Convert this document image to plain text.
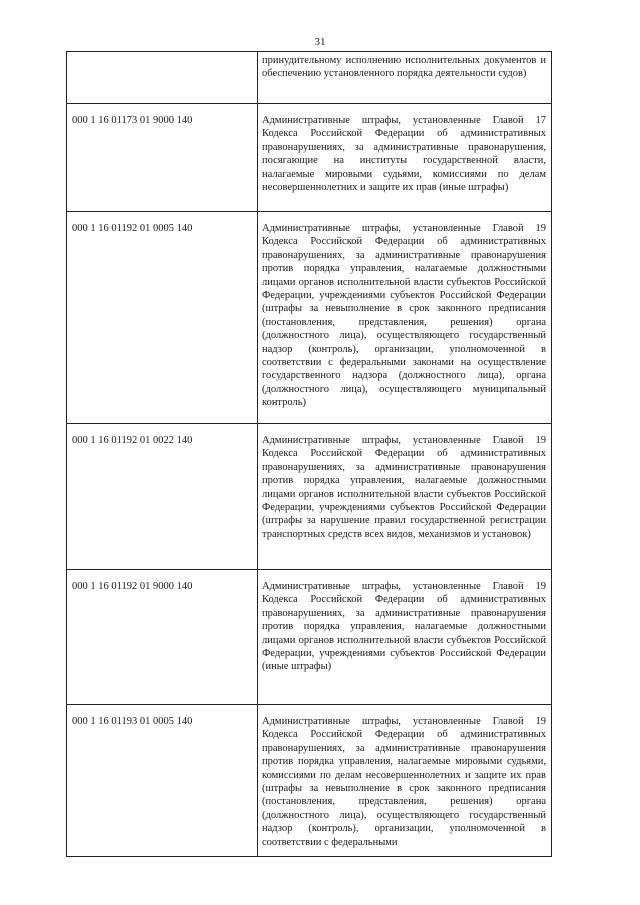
31
	принудительному исполнению исполнительных документов и обеспечению установленного порядка деятельности судов)
000 1 16 01173 01 9000 140	Административные штрафы, установленные Главой 17 Кодекса Российской Федерации об административных правонарушениях, за административные правонарушения, посягающие на институты государственной власти, налагаемые мировыми судьями, комиссиями по делам несовершеннолетних и защите их прав (иные штрафы)
000 1 16 01192 01 0005 140	Административные штрафы, установленные Главой 19 Кодекса Российской Федерации об административных правонарушениях, за административные правонарушения против порядка управления, налагаемые должностными лицами органов исполнительной власти субъектов Российской Федерации, учреждениями субъектов Российской Федерации (штрафы за невыполнение в срок законного предписания (постановления, представления, решения) органа (должностного лица), осуществляющего государственный надзор (контроль), организации, уполномоченной в соответствии с федеральными законами на осуществление государственного надзора (должностного лица), органа (должностного лица), осуществляющего муниципальный контроль)
000 1 16 01192 01 0022 140	Административные штрафы, установленные Главой 19 Кодекса Российской Федерации об административных правонарушениях, за административные правонарушения против порядка управления, налагаемые должностными лицами органов исполнительной власти субъектов Российской Федерации, учреждениями субъектов Российской Федерации (штрафы за нарушение правил государственной регистрации транспортных средств всех видов, механизмов и установок)
000 1 16 01192 01 9000 140	Административные штрафы, установленные Главой 19 Кодекса Российской Федерации об административных правонарушениях, за административные правонарушения против порядка управления, налагаемые должностными лицами органов исполнительной власти субъектов Российской Федерации, учреждениями субъектов Российской Федерации (иные штрафы)
000 1 16 01193 01 0005 140	Административные штрафы, установленные Главой 19 Кодекса Российской Федерации об административных правонарушениях, за административные правонарушения против порядка управления, налагаемые мировыми судьями, комиссиями по делам несовершеннолетних и защите их прав (штрафы за невыполнение в срок законного предписания (постановления, представления, решения) органа (должностного лица), осуществляющего государственный надзор (контроль), организации, уполномоченной в соответствии с федеральными
